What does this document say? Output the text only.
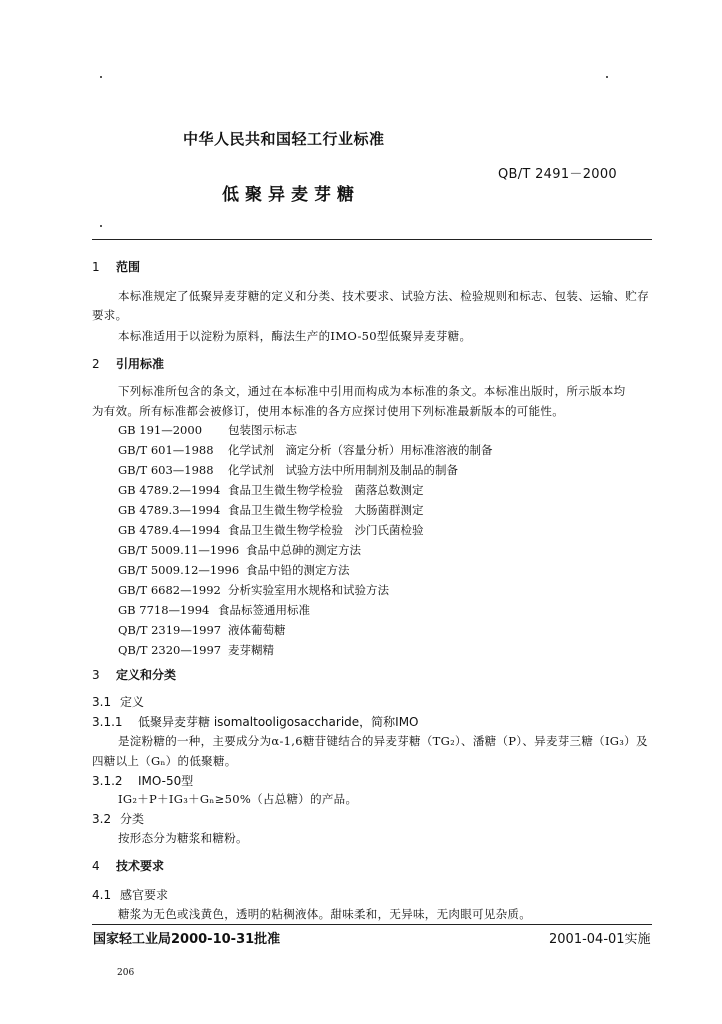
中华人民共和国轻工行业标准
QB/T 2491－2000
低聚异麦芽糖
1 范围
本标准规定了低聚异麦芽糖的定义和分类、技术要求、试验方法、检验规则和标志、包装、运输、贮存
要求。
本标准适用于以淀粉为原料，酶法生产的IMO-50型低聚异麦芽糖。
2 引用标准
下列标准所包含的条文，通过在本标准中引用而构成为本标准的条文。本标准出版时，所示版本均
为有效。所有标准都会被修订，使用本标准的各方应探讨使用下列标准最新版本的可能性。
GB 191—2000 包装图示标志
GB/T 601—1988 化学试剂　滴定分析（容量分析）用标准溶液的制备
GB/T 603—1988 化学试剂　试验方法中所用制剂及制品的制备
GB 4789.2—1994 食品卫生微生物学检验　菌落总数测定
GB 4789.3—1994 食品卫生微生物学检验　大肠菌群测定
GB 4789.4—1994 食品卫生微生物学检验　沙门氏菌检验
GB/T 5009.11—1996 食品中总砷的测定方法
GB/T 5009.12—1996 食品中铅的测定方法
GB/T 6682—1992 分析实验室用水规格和试验方法
GB 7718—1994 食品标签通用标准
QB/T 2319—1997 液体葡萄糖
QB/T 2320—1997 麦芽糊精
3 定义和分类
3.1 定义
3.1.1 低聚异麦芽糖 isomaltooligosaccharide，简称IMO
是淀粉糖的一种，主要成分为α-1,6糖苷键结合的异麦芽糖（TG₂）、潘糖（P）、异麦芽三糖（IG₃）及
四糖以上（Gₙ）的低聚糖。
3.1.2 IMO-50型
IG₂＋P＋IG₃＋Gₙ≥50%（占总糖）的产品。
3.2 分类
按形态分为糖浆和糖粉。
4 技术要求
4.1 感官要求
糖浆为无色或浅黄色，透明的粘稠液体。甜味柔和，无异味，无肉眼可见杂质。
国家轻工业局2000-10-31批准	2001-04-01实施
206
